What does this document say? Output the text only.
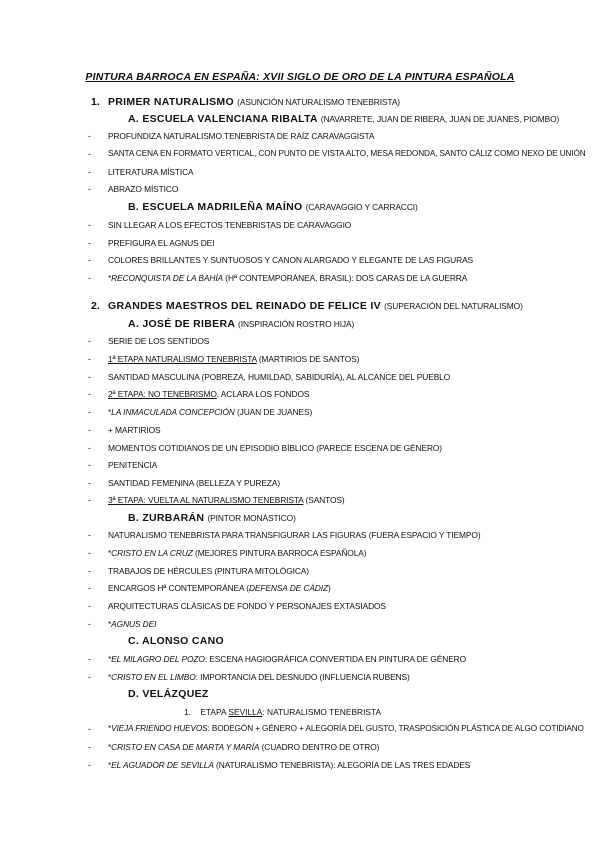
PINTURA BARROCA EN ESPAÑA: XVII SIGLO DE ORO DE LA PINTURA ESPAÑOLA
1. PRIMER NATURALISMO (ASUNCIÓN NATURALISMO TENEBRISTA)
A. ESCUELA VALENCIANA RIBALTA (NAVARRETE, JUAN DE RIBERA, JUAN DE JUANES, PIOMBO)
- PROFUNDIZA NATURALISMO TENEBRISTA DE RAÍZ CARAVAGGISTA
- SANTA CENA EN FORMATO VERTICAL, CON PUNTO DE VISTA ALTO, MESA REDONDA, SANTO CÁLIZ COMO NEXO DE UNIÓN
- LITERATURA MÍSTICA
- ABRAZO MÍSTICO
B. ESCUELA MADRILEÑA MAÍNO (CARAVAGGIO Y CARRACCI)
- SIN LLEGAR A LOS EFECTOS TENEBRISTAS DE CARAVAGGIO
- PREFIGURA EL AGNUS DEI
- COLORES BRILLANTES Y SUNTUOSOS Y CANON ALARGADO Y ELEGANTE DE LAS FIGURAS
- *RECONQUISTA DE LA BAHÍA (Hª CONTEMPORÁNEA, BRASIL): DOS CARAS DE LA GUERRA
2. GRANDES MAESTROS DEL REINADO DE FELICE IV (SUPERACIÓN DEL NATURALISMO)
A. JOSÉ DE RIBERA (INSPIRACIÓN ROSTRO HIJA)
- SERIE DE LOS SENTIDOS
- 1ª ETAPA NATURALISMO TENEBRISTA (MARTIRIOS DE SANTOS)
- SANTIDAD MASCULINA (POBREZA, HUMILDAD, SABIDURÍA), AL ALCANCE DEL PUEBLO
- 2ª ETAPA: NO TENEBRISMO, ACLARA LOS FONDOS
- *LA INMACULADA CONCEPCIÓN (JUAN DE JUANES)
- + MARTIRIOS
- MOMENTOS COTIDIANOS DE UN EPISODIO BÍBLICO (PARECE ESCENA DE GÉNERO)
- PENITENCIA
- SANTIDAD FEMENINA (BELLEZA Y PUREZA)
- 3ª ETAPA: VUELTA AL NATURALISMO TENEBRISTA (SANTOS)
B. ZURBARÁN (PINTOR MONÁSTICO)
- NATURALISMO TENEBRISTA PARA TRANSFIGURAR LAS FIGURAS (FUERA ESPACIO Y TIEMPO)
- *CRISTO EN LA CRUZ (MEJORES PINTURA BARROCA ESPAÑOLA)
- TRABAJOS DE HÉRCULES (PINTURA MITOLÓGICA)
- ENCARGOS Hª CONTEMPORÁNEA (DEFENSA DE CÁDIZ)
- ARQUITECTURAS CLÁSICAS DE FONDO Y PERSONAJES EXTASIADOS
- *AGNUS DEI
C. ALONSO CANO
- *EL MILAGRO DEL POZO: ESCENA HAGIOGRÁFICA CONVERTIDA EN PINTURA DE GÉNERO
- *CRISTO EN EL LIMBO: IMPORTANCIA DEL DESNUDO (INFLUENCIA RUBENS)
D. VELÁZQUEZ
1. ETAPA SEVILLA: NATURALISMO TENEBRISTA
- *VIEJA FRIENDO HUEVOS: BODEGÓN + GÉNERO + ALEGORÍA DEL GUSTO, TRASPOSICIÓN PLÁSTICA DE ALGO COTIDIANO
- *CRISTO EN CASA DE MARTA Y MARÍA (CUADRO DENTRO DE OTRO)
- *EL AGUADOR DE SEVILLA (NATURALISMO TENEBRISTA): ALEGORÍA DE LAS TRES EDADES
